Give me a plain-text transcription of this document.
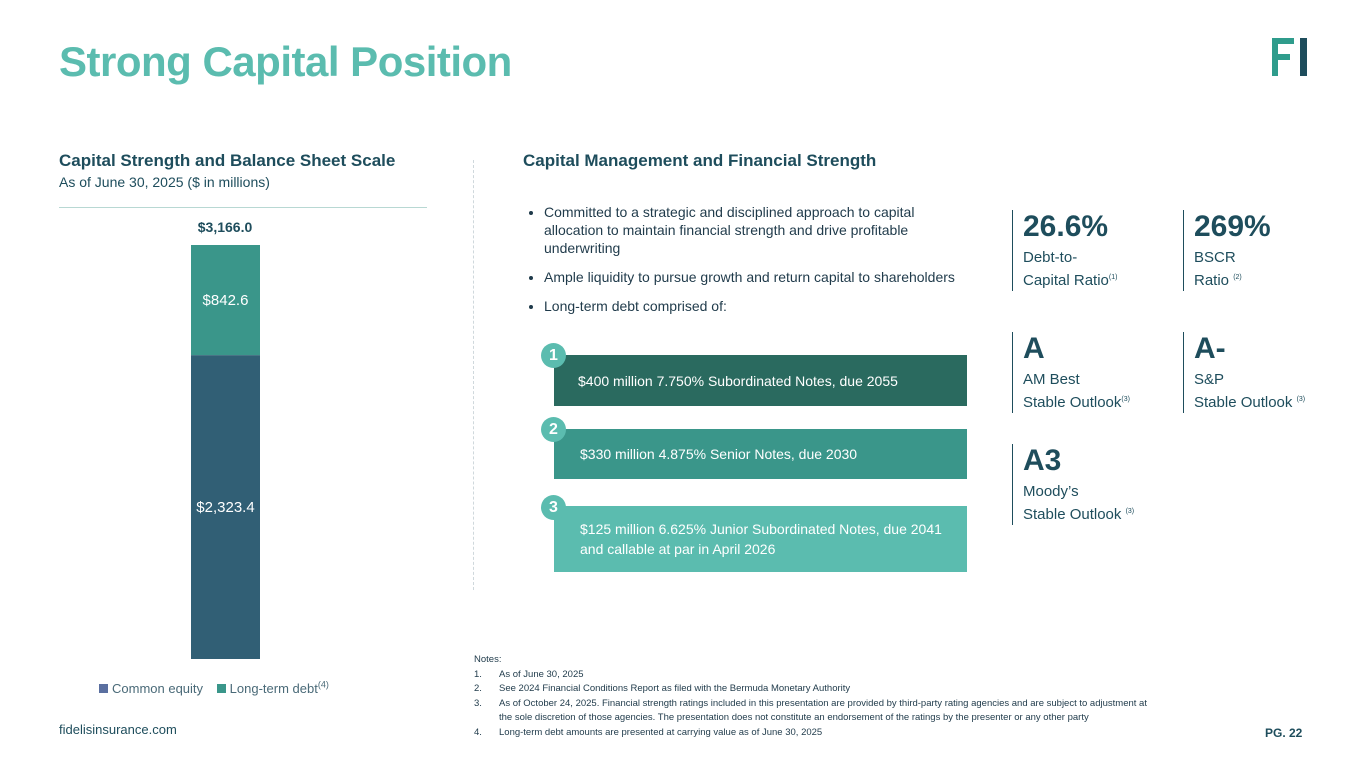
Strong Capital Position
Capital Strength and Balance Sheet Scale
As of June 30, 2025 ($ in millions)
$3,166.0
$842.6
$2,323.4
Common equity Long-term debt$^{(4)}$
Capital Management and Financial Strength
• Committed to a strategic and disciplined approach to capital allocation to maintain financial strength and drive profitable underwriting
• Ample liquidity to pursue growth and return capital to shareholders
• Long-term debt comprised of:
$400 million 7.750% Subordinated Notes, due 2055
1
$330 million 4.875% Senior Notes, due 2030
2
$125 million 6.625% Junior Subordinated Notes, due 2041 and callable at par in April 2026
3
26.6%
Debt-to-
Capital Ratio$^{(1)}$
269%
BSCR
Ratio $^{(2)}$
A
AM Best
Stable Outlook$^{(3)}$
A-
S&P
Stable Outlook $^{(3)}$
A3
Moody’s
Stable Outlook $^{(3)}$
Notes:
1. As of June 30, 2025
2. See 2024 Financial Conditions Report as filed with the Bermuda Monetary Authority
3. As of October 24, 2025. Financial strength ratings included in this presentation are provided by third-party rating agencies and are subject to adjustment at
the sole discretion of those agencies. The presentation does not constitute an endorsement of the ratings by the presenter or any other party
4. Long-term debt amounts are presented at carrying value as of June 30, 2025
fidelisinsurance.com	PG. 22
